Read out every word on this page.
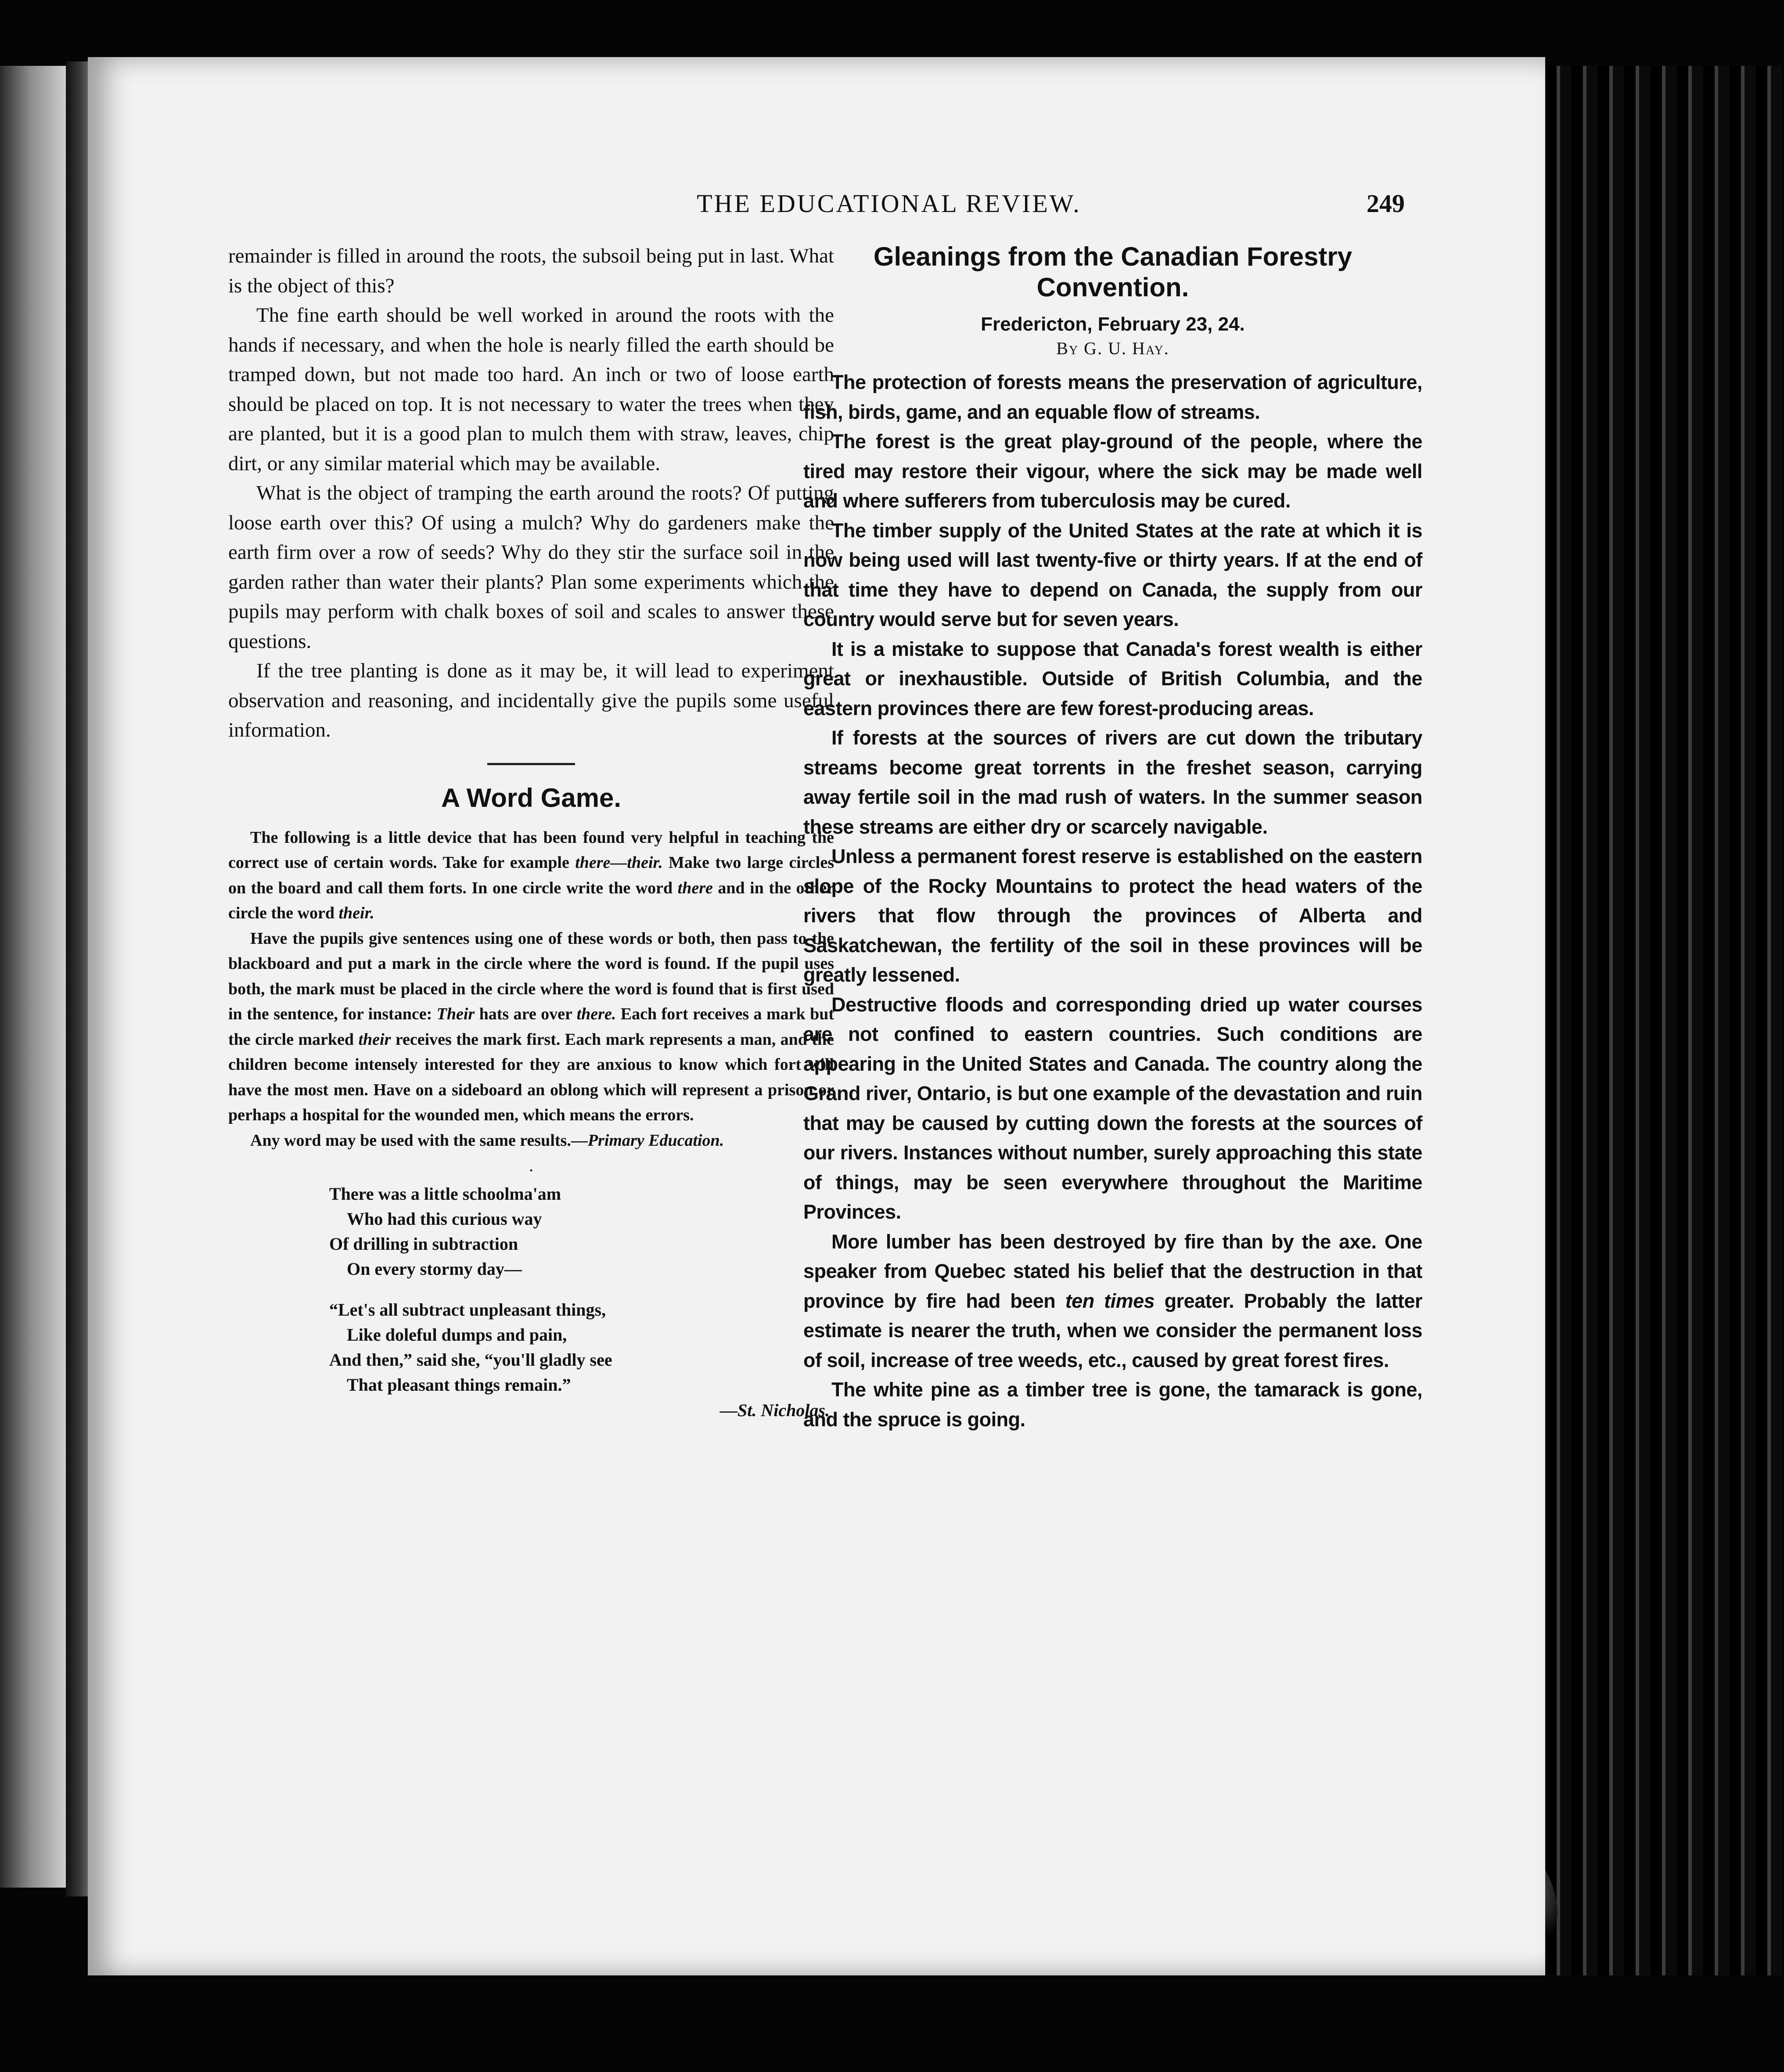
THE EDUCATIONAL REVIEW.	249

remainder is filled in around the roots, the subsoil being put in last. What is the object of this?

The fine earth should be well worked in around the roots with the hands if necessary, and when the hole is nearly filled the earth should be tramped down, but not made too hard. An inch or two of loose earth should be placed on top. It is not necessary to water the trees when they are planted, but it is a good plan to mulch them with straw, leaves, chip dirt, or any similar material which may be available.

What is the object of tramping the earth around the roots? Of putting loose earth over this? Of using a mulch? Why do gardeners make the earth firm over a row of seeds? Why do they stir the surface soil in the garden rather than water their plants? Plan some experiments which the pupils may perform with chalk boxes of soil and scales to answer these questions.

If the tree planting is done as it may be, it will lead to experiment observation and reasoning, and incidentally give the pupils some useful information.

A Word Game.

The following is a little device that has been found very helpful in teaching the correct use of certain words. Take for example there—their. Make two large circles on the board and call them forts. In one circle write the word there and in the other circle the word their.

Have the pupils give sentences using one of these words or both, then pass to the blackboard and put a mark in the circle where the word is found. If the pupil uses both, the mark must be placed in the circle where the word is found that is first used in the sentence, for instance: Their hats are over there. Each fort receives a mark but the circle marked their receives the mark first. Each mark represents a man, and the children become intensely interested for they are anxious to know which fort will have the most men. Have on a sideboard an oblong which will represent a prison or perhaps a hospital for the wounded men, which means the errors.

Any word may be used with the same results.—Primary Education.

.
There was a little schoolma'am
Who had this curious way
Of drilling in subtraction
On every stormy day—
“Let's all subtract unpleasant things,
Like doleful dumps and pain,
And then,” said she, “you'll gladly see
That pleasant things remain.”
—St. Nicholas.
Gleanings from the Canadian Forestry Convention.
Fredericton, February 23, 24.
By G. U. Hay.

The protection of forests means the preservation of agriculture, fish, birds, game, and an equable flow of streams.

The forest is the great play-ground of the people, where the tired may restore their vigour, where the sick may be made well and where sufferers from tuberculosis may be cured.

The timber supply of the United States at the rate at which it is now being used will last twenty-five or thirty years. If at the end of that time they have to depend on Canada, the supply from our country would serve but for seven years.

It is a mistake to suppose that Canada's forest wealth is either great or inexhaustible. Outside of British Columbia, and the eastern provinces there are few forest-producing areas.

If forests at the sources of rivers are cut down the tributary streams become great torrents in the freshet season, carrying away fertile soil in the mad rush of waters. In the summer season these streams are either dry or scarcely navigable.

Unless a permanent forest reserve is established on the eastern slope of the Rocky Mountains to protect the head waters of the rivers that flow through the provinces of Alberta and Saskatchewan, the fertility of the soil in these provinces will be greatly lessened.

Destructive floods and corresponding dried up water courses are not confined to eastern countries. Such conditions are appearing in the United States and Canada. The country along the Grand river, Ontario, is but one example of the devastation and ruin that may be caused by cutting down the forests at the sources of our rivers. Instances without number, surely approaching this state of things, may be seen everywhere throughout the Maritime Provinces.

More lumber has been destroyed by fire than by the axe. One speaker from Quebec stated his belief that the destruction in that province by fire had been ten times greater. Probably the latter estimate is nearer the truth, when we consider the permanent loss of soil, increase of tree weeds, etc., caused by great forest fires.

The white pine as a timber tree is gone, the tamarack is gone, and the spruce is going.
